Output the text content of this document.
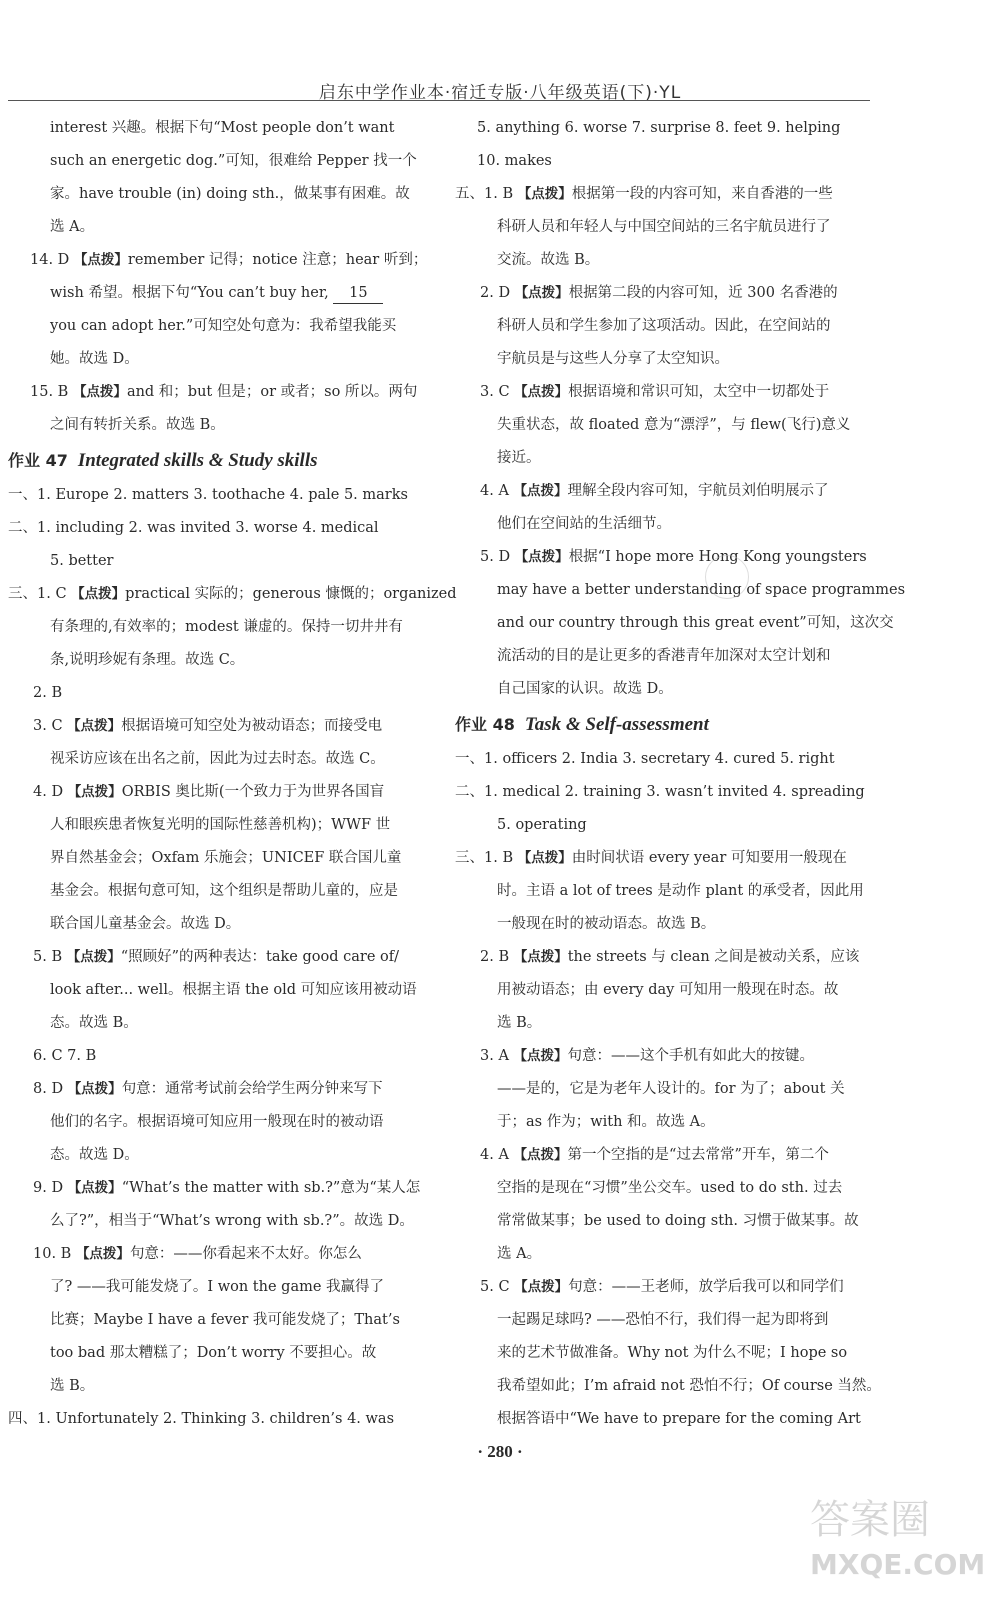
启东中学作业本·宿迁专版·八年级英语(下)·YL
interest 兴趣。根据下句“Most people don’t want
such an energetic dog.”可知，很难给 Pepper 找一个
家。have trouble (in) doing sth.，做某事有困难。故
选 A。
14. D 【点拨】remember 记得；notice 注意；hear 听到；
wish 希望。根据下句“You can’t buy her, 15
you can adopt her.”可知空处句意为：我希望我能买
她。故选 D。
15. B 【点拨】and 和；but 但是；or 或者；so 所以。两句
之间有转折关系。故选 B。
作业 47 Integrated skills & Study skills
一、1. Europe 2. matters 3. toothache 4. pale 5. marks
二、1. including 2. was invited 3. worse 4. medical
5. better
三、1. C 【点拨】practical 实际的；generous 慷慨的；organized
有条理的,有效率的；modest 谦虚的。保持一切井井有
条,说明珍妮有条理。故选 C。
2. B
3. C 【点拨】根据语境可知空处为被动语态；而接受电
视采访应该在出名之前，因此为过去时态。故选 C。
4. D 【点拨】ORBIS 奥比斯(一个致力于为世界各国盲
人和眼疾患者恢复光明的国际性慈善机构)；WWF 世
界自然基金会；Oxfam 乐施会；UNICEF 联合国儿童
基金会。根据句意可知，这个组织是帮助儿童的，应是
联合国儿童基金会。故选 D。
5. B 【点拨】“照顾好”的两种表达：take good care of/
look after... well。根据主语 the old 可知应该用被动语
态。故选 B。
6. C 7. B
8. D 【点拨】句意：通常考试前会给学生两分钟来写下
他们的名字。根据语境可知应用一般现在时的被动语
态。故选 D。
9. D 【点拨】“What’s the matter with sb.?”意为“某人怎
么了?”，相当于“What’s wrong with sb.?”。故选 D。
10. B 【点拨】句意：——你看起来不太好。你怎么
了? ——我可能发烧了。I won the game 我赢得了
比赛；Maybe I have a fever 我可能发烧了；That’s
too bad 那太糟糕了；Don’t worry 不要担心。故
选 B。
四、1. Unfortunately 2. Thinking 3. children’s 4. was
5. anything 6. worse 7. surprise 8. feet 9. helping
10. makes
五、1. B 【点拨】根据第一段的内容可知，来自香港的一些
科研人员和年轻人与中国空间站的三名宇航员进行了
交流。故选 B。
2. D 【点拨】根据第二段的内容可知，近 300 名香港的
科研人员和学生参加了这项活动。因此，在空间站的
宇航员是与这些人分享了太空知识。
3. C 【点拨】根据语境和常识可知，太空中一切都处于
失重状态，故 floated 意为“漂浮”，与 flew(飞行)意义
接近。
4. A 【点拨】理解全段内容可知，宇航员刘伯明展示了
他们在空间站的生活细节。
5. D 【点拨】根据“I hope more Hong Kong youngsters
may have a better understanding of space programmes
and our country through this great event”可知，这次交
流活动的目的是让更多的香港青年加深对太空计划和
自己国家的认识。故选 D。
作业 48 Task & Self-assessment
一、1. officers 2. India 3. secretary 4. cured 5. right
二、1. medical 2. training 3. wasn’t invited 4. spreading
5. operating
三、1. B 【点拨】由时间状语 every year 可知要用一般现在
时。主语 a lot of trees 是动作 plant 的承受者，因此用
一般现在时的被动语态。故选 B。
2. B 【点拨】the streets 与 clean 之间是被动关系，应该
用被动语态；由 every day 可知用一般现在时态。故
选 B。
3. A 【点拨】句意：——这个手机有如此大的按键。
——是的，它是为老年人设计的。for 为了；about 关
于；as 作为；with 和。故选 A。
4. A 【点拨】第一个空指的是“过去常常”开车，第二个
空指的是现在“习惯”坐公交车。used to do sth. 过去
常常做某事；be used to doing sth. 习惯于做某事。故
选 A。
5. C 【点拨】句意：——王老师，放学后我可以和同学们
一起踢足球吗? ——恐怕不行，我们得一起为即将到
来的艺术节做准备。Why not 为什么不呢；I hope so
我希望如此；I’m afraid not 恐怕不行；Of course 当然。
根据答语中“We have to prepare for the coming Art
· 280 ·
答案圈
MXQE.COM
